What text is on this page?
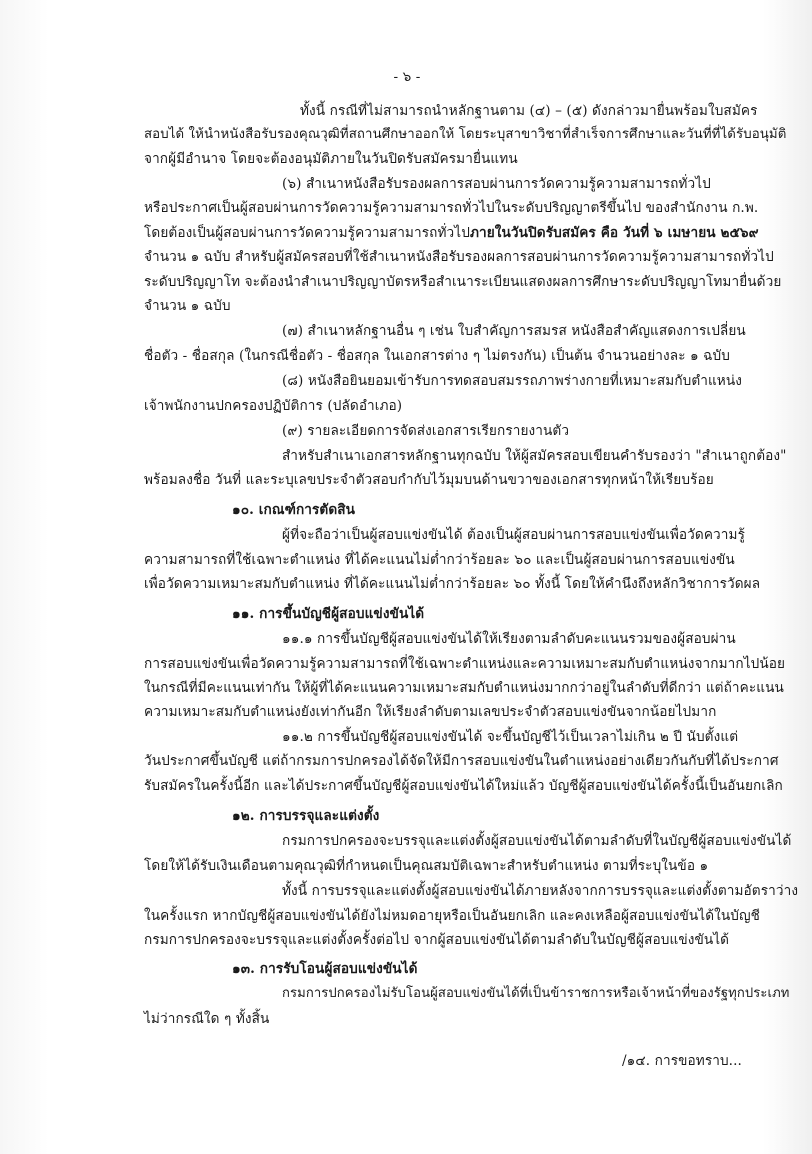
- ๖ -
ทั้งนี้ กรณีที่ไม่สามารถนำหลักฐานตาม (๔) – (๕) ดังกล่าวมายื่นพร้อมใบสมัคร
สอบได้ ให้นำหนังสือรับรองคุณวุฒิที่สถานศึกษาออกให้ โดยระบุสาขาวิชาที่สำเร็จการศึกษาและวันที่ที่ได้รับอนุมัติ
จากผู้มีอำนาจ โดยจะต้องอนุมัติภายในวันปิดรับสมัครมายื่นแทน
(๖) สำเนาหนังสือรับรองผลการสอบผ่านการวัดความรู้ความสามารถทั่วไป
หรือประกาศเป็นผู้สอบผ่านการวัดความรู้ความสามารถทั่วไปในระดับปริญญาตรีขึ้นไป ของสำนักงาน ก.พ.
โดยต้องเป็นผู้สอบผ่านการวัดความรู้ความสามารถทั่วไปภายในวันปิดรับสมัคร คือ วันที่ ๖ เมษายน ๒๕๖๙
จำนวน ๑ ฉบับ สำหรับผู้สมัครสอบที่ใช้สำเนาหนังสือรับรองผลการสอบผ่านการวัดความรู้ความสามารถทั่วไป
ระดับปริญญาโท จะต้องนำสำเนาปริญญาบัตรหรือสำเนาระเบียนแสดงผลการศึกษาระดับปริญญาโทมายื่นด้วย
จำนวน ๑ ฉบับ
(๗) สำเนาหลักฐานอื่น ๆ เช่น ใบสำคัญการสมรส หนังสือสำคัญแสดงการเปลี่ยน
ชื่อตัว - ชื่อสกุล (ในกรณีชื่อตัว - ชื่อสกุล ในเอกสารต่าง ๆ ไม่ตรงกัน) เป็นต้น จำนวนอย่างละ ๑ ฉบับ
(๘) หนังสือยินยอมเข้ารับการทดสอบสมรรถภาพร่างกายที่เหมาะสมกับตำแหน่ง
เจ้าพนักงานปกครองปฏิบัติการ (ปลัดอำเภอ)
(๙) รายละเอียดการจัดส่งเอกสารเรียกรายงานตัว
สำหรับสำเนาเอกสารหลักฐานทุกฉบับ ให้ผู้สมัครสอบเขียนคำรับรองว่า "สำเนาถูกต้อง"
พร้อมลงชื่อ วันที่ และระบุเลขประจำตัวสอบกำกับไว้มุมบนด้านขวาของเอกสารทุกหน้าให้เรียบร้อย
๑๐. เกณฑ์การตัดสิน
ผู้ที่จะถือว่าเป็นผู้สอบแข่งขันได้ ต้องเป็นผู้สอบผ่านการสอบแข่งขันเพื่อวัดความรู้
ความสามารถที่ใช้เฉพาะตำแหน่ง ที่ได้คะแนนไม่ต่ำกว่าร้อยละ ๖๐ และเป็นผู้สอบผ่านการสอบแข่งขัน
เพื่อวัดความเหมาะสมกับตำแหน่ง ที่ได้คะแนนไม่ต่ำกว่าร้อยละ ๖๐ ทั้งนี้ โดยให้คำนึงถึงหลักวิชาการวัดผล
๑๑. การขึ้นบัญชีผู้สอบแข่งขันได้
๑๑.๑ การขึ้นบัญชีผู้สอบแข่งขันได้ให้เรียงตามลำดับคะแนนรวมของผู้สอบผ่าน
การสอบแข่งขันเพื่อวัดความรู้ความสามารถที่ใช้เฉพาะตำแหน่งและความเหมาะสมกับตำแหน่งจากมากไปน้อย
ในกรณีที่มีคะแนนเท่ากัน ให้ผู้ที่ได้คะแนนความเหมาะสมกับตำแหน่งมากกว่าอยู่ในลำดับที่ดีกว่า แต่ถ้าคะแนน
ความเหมาะสมกับตำแหน่งยังเท่ากันอีก ให้เรียงลำดับตามเลขประจำตัวสอบแข่งขันจากน้อยไปมาก
๑๑.๒ การขึ้นบัญชีผู้สอบแข่งขันได้ จะขึ้นบัญชีไว้เป็นเวลาไม่เกิน ๒ ปี นับตั้งแต่
วันประกาศขึ้นบัญชี แต่ถ้ากรมการปกครองได้จัดให้มีการสอบแข่งขันในตำแหน่งอย่างเดียวกันกับที่ได้ประกาศ
รับสมัครในครั้งนี้อีก และได้ประกาศขึ้นบัญชีผู้สอบแข่งขันได้ใหม่แล้ว บัญชีผู้สอบแข่งขันได้ครั้งนี้เป็นอันยกเลิก
๑๒. การบรรจุและแต่งตั้ง
กรมการปกครองจะบรรจุและแต่งตั้งผู้สอบแข่งขันได้ตามลำดับที่ในบัญชีผู้สอบแข่งขันได้
โดยให้ได้รับเงินเดือนตามคุณวุฒิที่กำหนดเป็นคุณสมบัติเฉพาะสำหรับตำแหน่ง ตามที่ระบุในข้อ ๑
ทั้งนี้ การบรรจุและแต่งตั้งผู้สอบแข่งขันได้ภายหลังจากการบรรจุและแต่งตั้งตามอัตราว่าง
ในครั้งแรก หากบัญชีผู้สอบแข่งขันได้ยังไม่หมดอายุหรือเป็นอันยกเลิก และคงเหลือผู้สอบแข่งขันได้ในบัญชี
กรมการปกครองจะบรรจุและแต่งตั้งครั้งต่อไป จากผู้สอบแข่งขันได้ตามลำดับในบัญชีผู้สอบแข่งขันได้
๑๓. การรับโอนผู้สอบแข่งขันได้
กรมการปกครองไม่รับโอนผู้สอบแข่งขันได้ที่เป็นข้าราชการหรือเจ้าหน้าที่ของรัฐทุกประเภท
ไม่ว่ากรณีใด ๆ ทั้งสิ้น
/๑๔. การขอทราบ...
